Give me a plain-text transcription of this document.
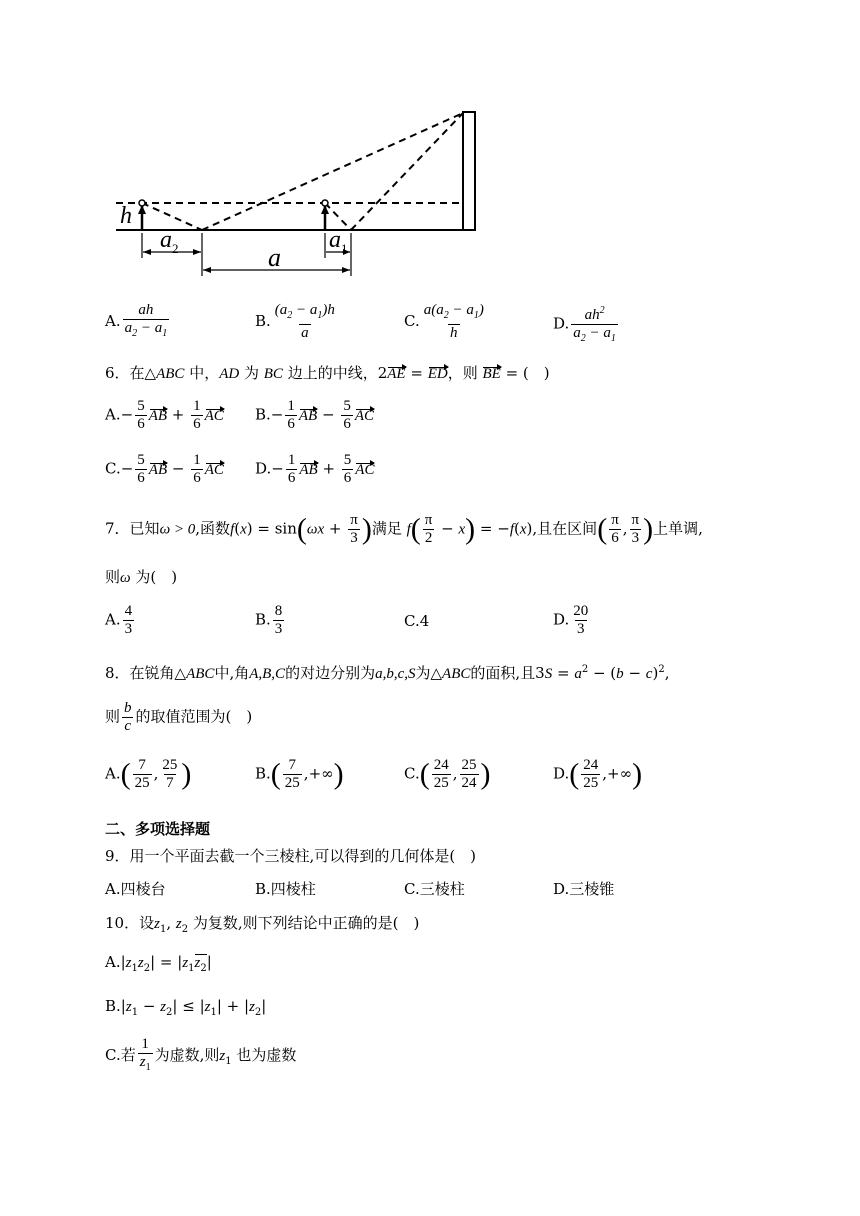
h
$a_2$	a
$a_1$
A. $\frac{ah}{a_2 - a_1}$	B. $\frac{(a_2 - a_1)h}{a}$	C. $\frac{a(a_2 - a_1)}{h}$	D. $\frac{ah^2}{a_2 - a_1}$
6．在△ABC 中，AD 为 BC 边上的中线，2AE = ED，则 BE = (　)
$A.- \frac{5}{6}$ AB + $\frac{1}{6}$ AC $B.- \frac{1}{6}$ AB − $\frac{5}{6}$ AC
$C.- \frac{5}{6}$ AB − $\frac{1}{6}$ AC $D.- \frac{1}{6}$ AB + $\frac{5}{6}$ AC
7．已知ω > 0,函数$f(x) = \sin(\omega x + \frac{\pi}{3}$ )满足 $f( \frac{\pi}{2} - x) = -f(x)$,且在区间( $\frac{\pi}{6}$ , $\frac{\pi}{3}$ )上单调,
则ω 为(　)
A. $\frac{4}{3}$	B. $\frac{8}{3}$	C.4	D. $\frac{20}{3}$
8．在锐角△ABC中,角A,B,C的对边分别为a,b,c,S为△ABC的面积,且$3S = a^2 - (b - c)^2$,
则 $\frac{b}{c}$ 的取值范围为(　)
$A.( \frac{7}{25}$ , $\frac{25}{7}$ )	$B.( \frac{7}{25}$ ,+∞)	$C.( \frac{24}{25}$ , $\frac{25}{24}$ )	$D.( \frac{24}{25}$ ,+∞)
二、多项选择题
9．用一个平面去截一个三棱柱,可以得到的几何体是(　)
A.四棱台	B.四棱柱	C.三棱柱	D.三棱锥
10．设$z_1$, $z_2$ 为复数,则下列结论中正确的是(　)
$A.|z_1z_2| = |z_1z_2|$
$B.|z_1 - z_2| \le |z_1| + |z_2|$
C.若 $\frac{1}{z_1}$ 为虚数,则$z_1$ 也为虚数
